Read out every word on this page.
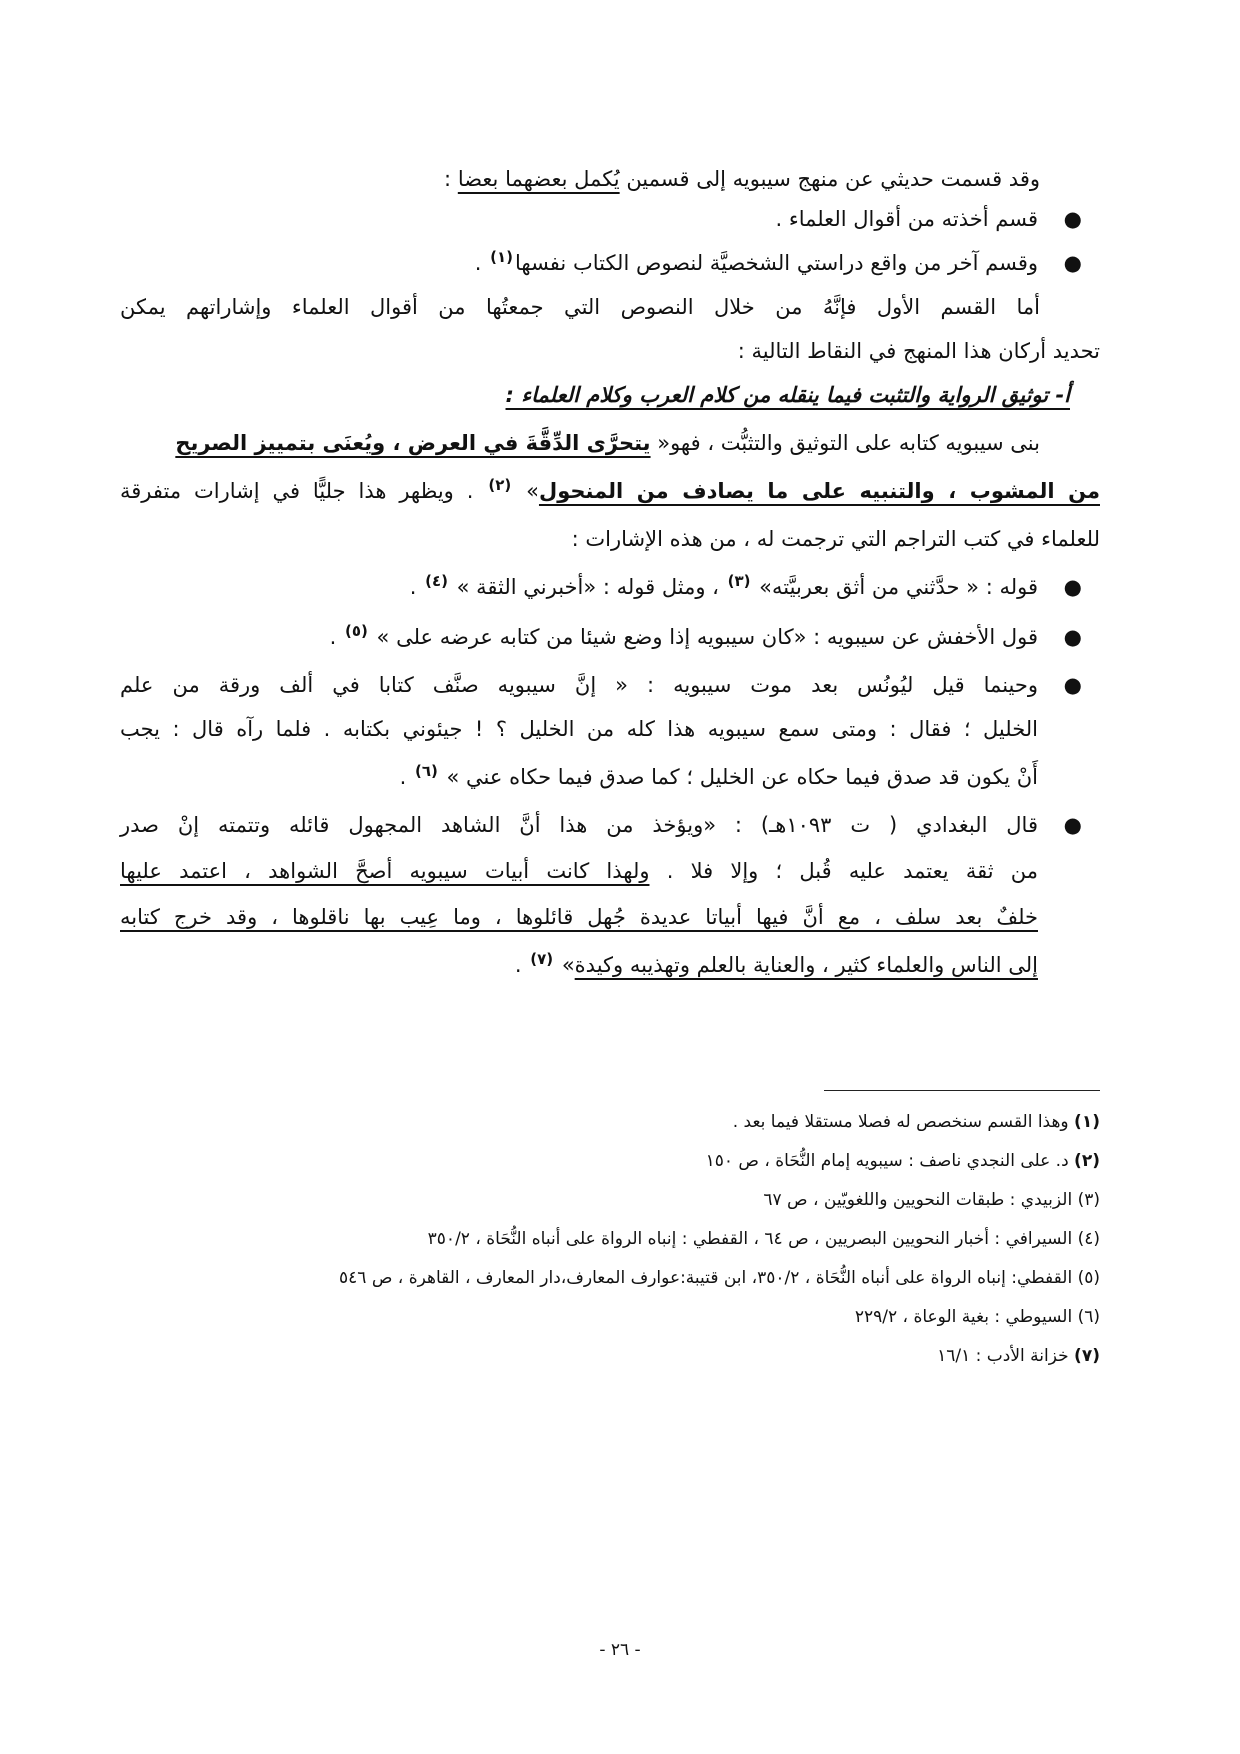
وقد قسمت حديثي عن منهج سيبويه إلى قسمين يُكمل بعضهما بعضا :
●
قسم أخذته من أقوال العلماء .
●
وقسم آخر من واقع دراستي الشخصيَّة لنصوص الكتاب نفسها$^{(١)}$ .
أما القسم الأول فإنَّهُ من خلال النصوص التي جمعتُها من أقوال العلماء وإشاراتهم يمكن
تحديد أركان هذا المنهج في النقاط التالية :
أ- توثيق الرواية والتثبت فيما ينقله من كلام العرب وكلام العلماء :
بنى سيبويه كتابه على التوثيق والتثبُّت ، فهو« يتحرَّى الدِّقَّةَ في العرض ، ويُعنَى بتمييز الصريح
من المشوب ، والتنبيه على ما يصادف من المنحول» $^{(٢)}$ . ويظهر هذا جليًّا في إشارات متفرقة
للعلماء في كتب التراجم التي ترجمت له ، من هذه الإشارات :
●
قوله : « حدَّثني من أثق بعربيَّته» $^{(٣)}$ ، ومثل قوله : «أخبرني الثقة » $^{(٤)}$ .
●
قول الأخفش عن سيبويه : «كان سيبويه إذا وضع شيئا من كتابه عرضه على » $^{(٥)}$ .
●
وحينما قيل ليُونُس بعد موت سيبويه : « إنَّ سيبويه صنَّف كتابا في ألف ورقة من علم
الخليل ؛ فقال : ومتى سمع سيبويه هذا كله من الخليل ؟ ! جيئوني بكتابه . فلما رآه قال : يجب
أَنْ يكون قد صدق فيما حكاه عن الخليل ؛ كما صدق فيما حكاه عني » $^{(٦)}$ .
●
قال البغدادي ( ت ١٠٩٣هـ) : «ويؤخذ من هذا أنَّ الشاهد المجهول قائله وتتمته إنْ صدر
من ثقة يعتمد عليه قُبل ؛ وإلا فلا . ولهذا كانت أبيات سيبويه أصحَّ الشواهد ، اعتمد عليها
خلفٌ بعد سلف ، مع أنَّ فيها أبياتا عديدة جُهل قائلوها ، وما عِيب بها ناقلوها ، وقد خرج كتابه
إلى الناس والعلماء كثير ، والعناية بالعلم وتهذيبه وكيدة» $^{(٧)}$ .
(١) وهذا القسم سنخصص له فصلا مستقلا فيما بعد .
(٢) د. على النجدي ناصف : سيبويه إمام النُّحَاة ، ص ١٥٠
(٣) الزبيدي : طبقات النحويين واللغويّين ، ص ٦٧
(٤) السيرافي : أخبار النحويين البصريين ، ص ٦٤ ، القفطي : إنباه الرواة على أنباه النُّحَاة ، ٣٥٠/٢
(٥) القفطي: إنباه الرواة على أنباه النُّحَاة ، ٣٥٠/٢، ابن قتيبة:عوارف المعارف،دار المعارف ، القاهرة ، ص ٥٤٦
(٦) السيوطي : بغية الوعاة ، ٢٢٩/٢
(٧) خزانة الأدب : ١٦/١
- ٢٦ -
